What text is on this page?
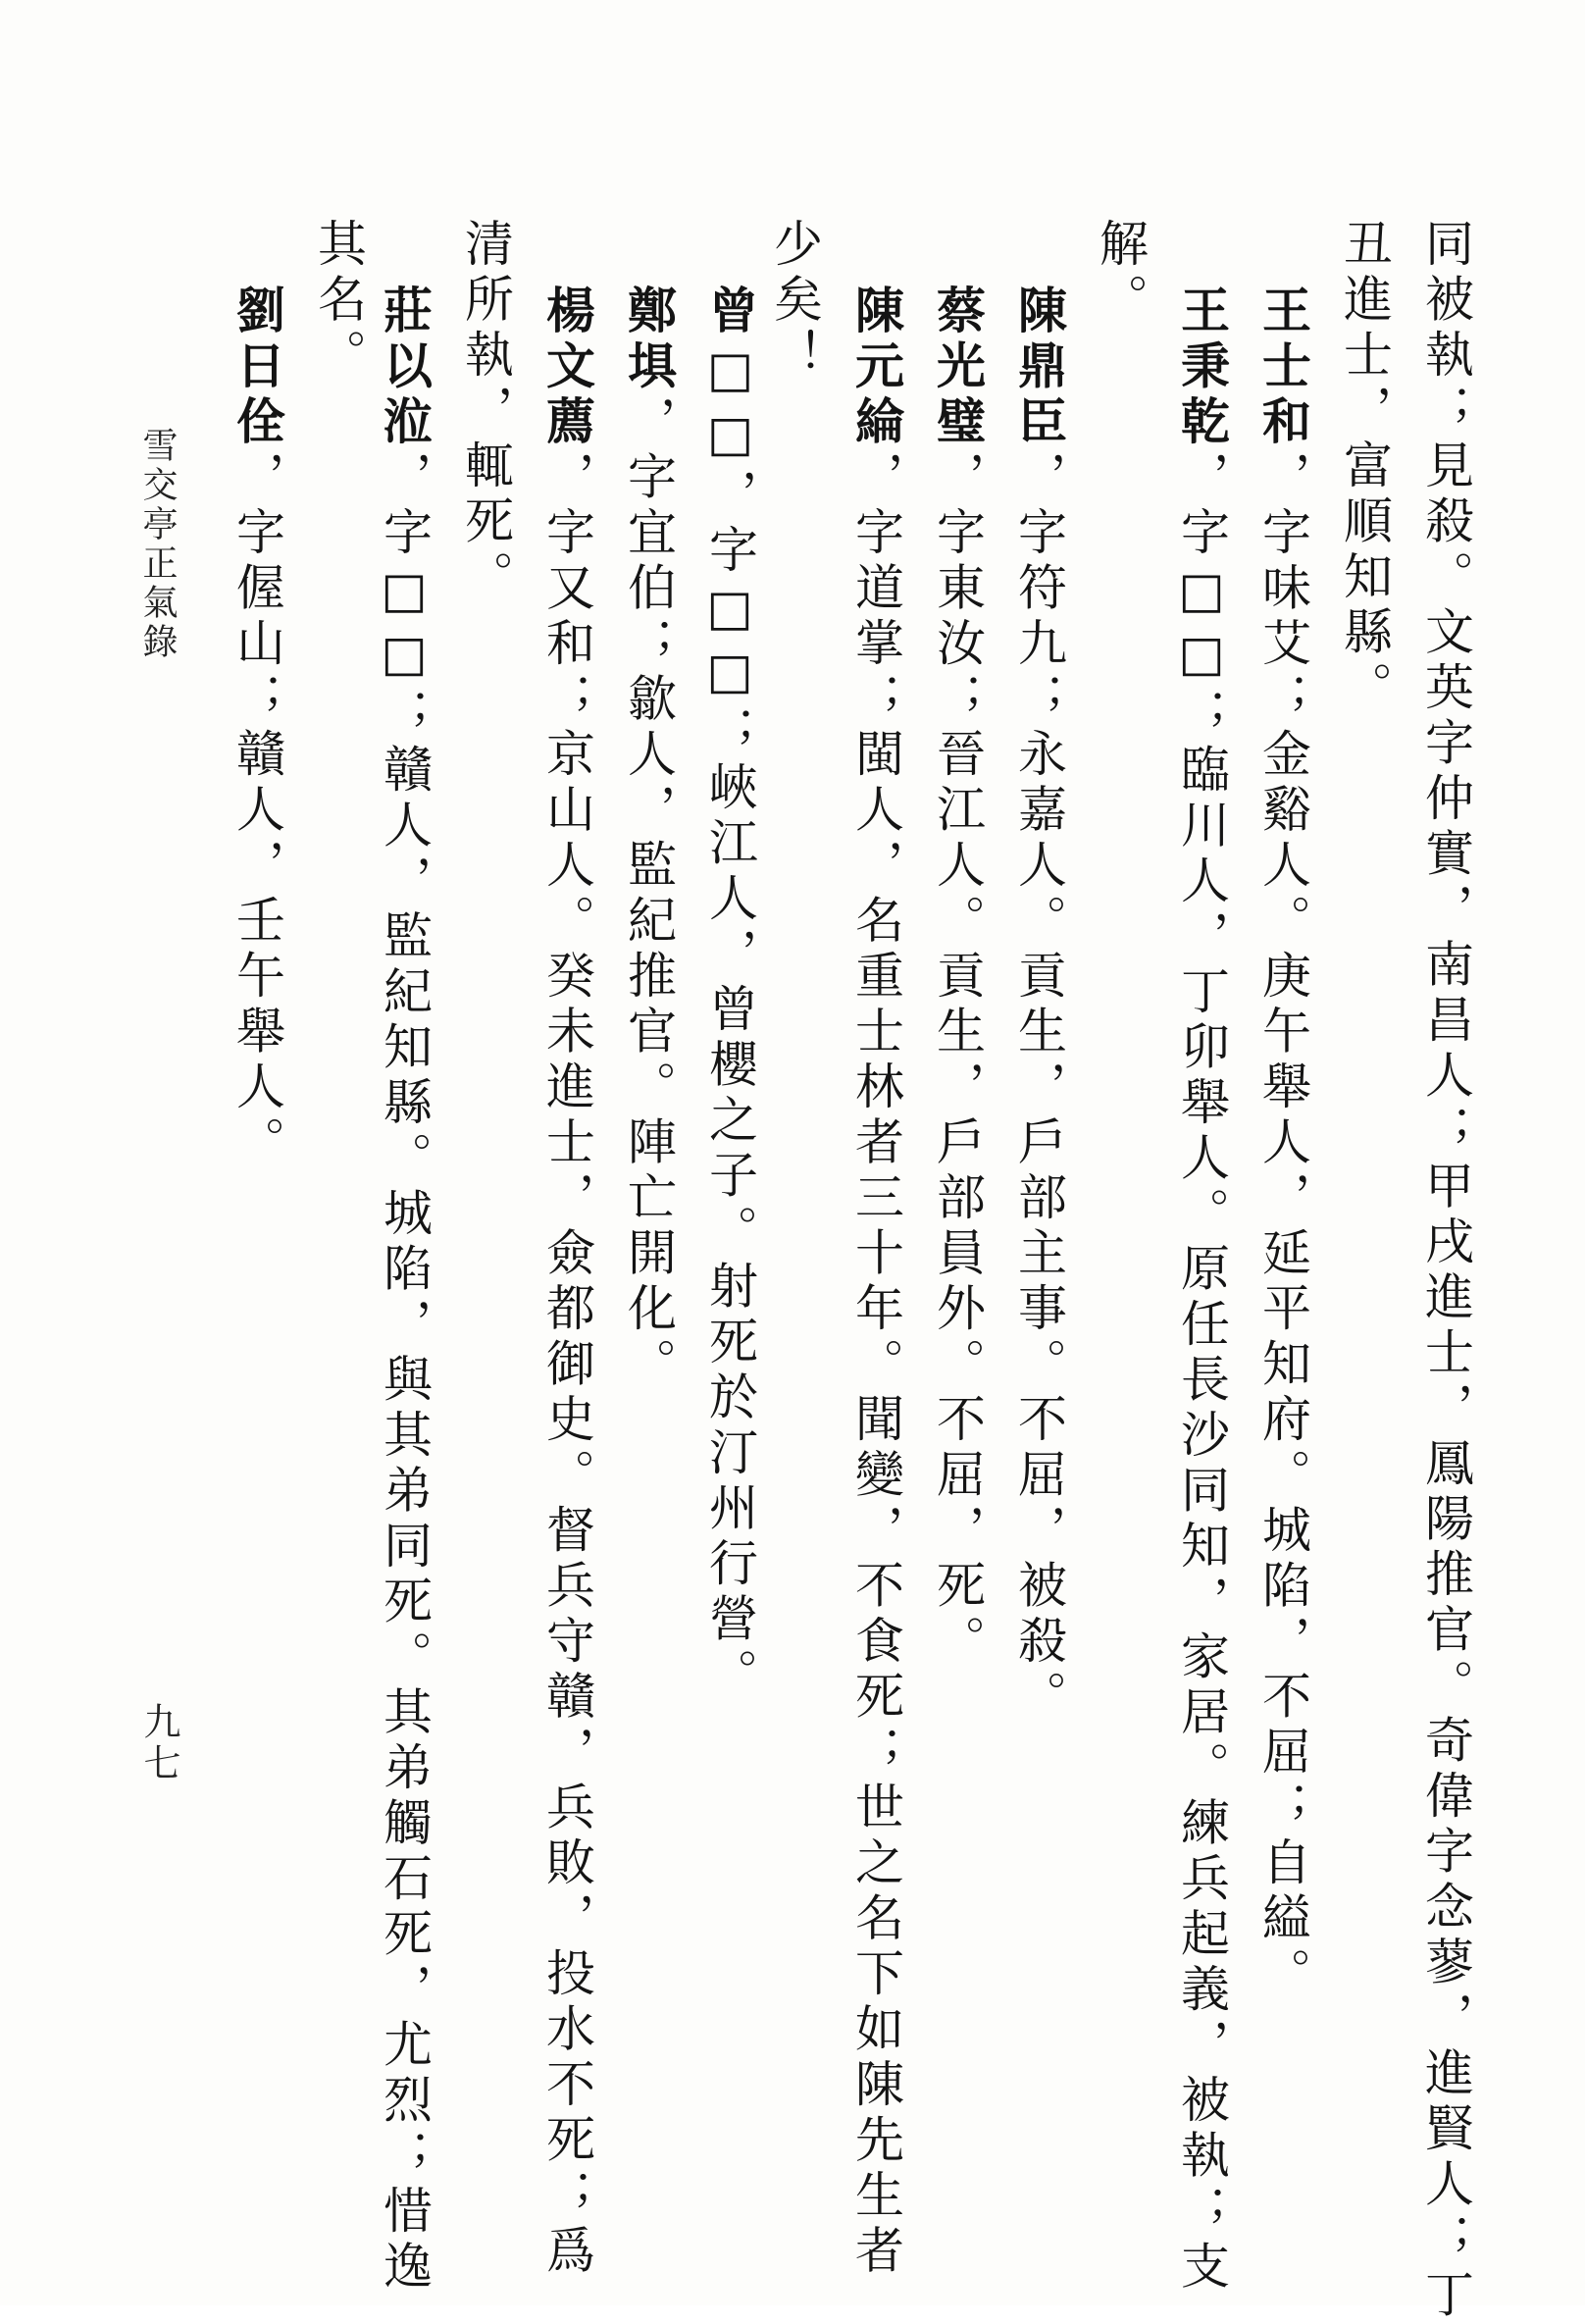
同被執；見殺。文英字仲實，南昌人；甲戌進士，鳳陽推官。奇偉字念蓼，進賢人；丁
丑進士，富順知縣。
王士和，字味艾；金谿人。庚午舉人，延平知府。城陷，不屈；自縊。
王秉乾，字□□；臨川人，丁卯舉人。原任長沙同知，家居。練兵起義，被執；支
解。
陳鼎臣，字符九；永嘉人。貢生，戶部主事。不屈，被殺。
蔡光璧，字東汝；晉江人。貢生，戶部員外。不屈，死。
陳元綸，字道掌；閩人，名重士林者三十年。聞變，不食死；世之名下如陳先生者
少矣！
曾□□，字□□；峽江人，曾櫻之子。射死於汀州行營。
鄭埧，字宜伯；歙人，監紀推官。陣亡開化。
楊文薦，字又和；京山人。癸未進士，僉都御史。督兵守贛，兵敗，投水不死；爲
清所執，輒死。
莊以涖，字□□；贛人，監紀知縣。城陷，與其弟同死。其弟觸石死，尤烈；惜逸
其名。
劉日佺，字偓山；贛人，壬午舉人。
雪交亭正氣錄
九七
